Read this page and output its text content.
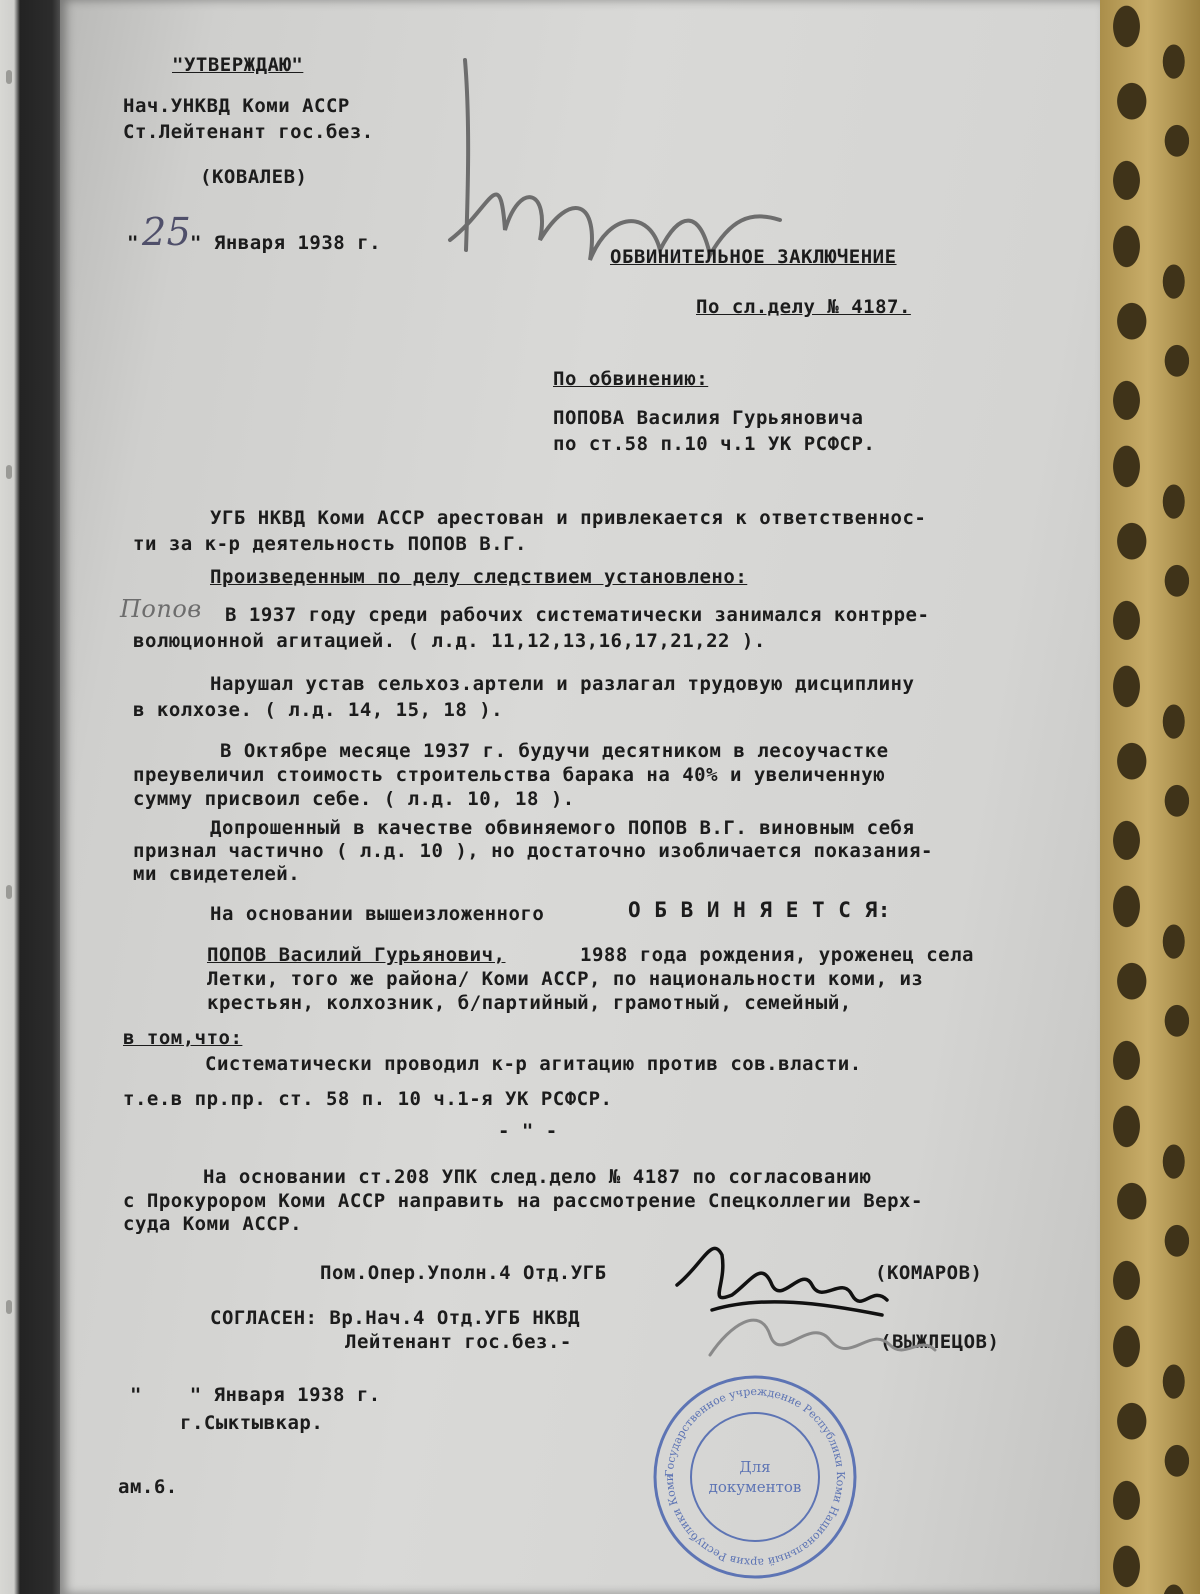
"УТВЕРЖДАЮ"
Нач.УНКВД Коми АССР
Ст.Лейтенант гос.без.
(КОВАЛЕВ)
" 25
" Января 1938 г.
ОБВИНИТЕЛЬНОЕ ЗАКЛЮЧЕНИЕ
По сл.делу № 4187.
По обвинению:
ПОПОВА Василия Гурьяновича
по ст.58 п.10 ч.1 УК РСФСР.
УГБ НКВД Коми АССР арестован и привлекается к ответственнос-
ти за к-р деятельность ПОПОВ В.Г.
Произведенным по делу следствием установлено:
Попов В 1937 году среди рабочих систематически занимался контрре-
волюционной агитацией. ( л.д. 11,12,13,16,17,21,22 ).
Нарушал устав сельхоз.артели и разлагал трудовую дисциплину
в колхозе. ( л.д. 14, 15, 18 ).
В Октябре месяце 1937 г. будучи десятником в лесоучастке
преувеличил стоимость строительства барака на 40% и увеличенную
сумму присвоил себе. ( л.д. 10, 18 ).
Допрошенный в качестве обвиняемого ПОПОВ В.Г. виновным себя
признал частично ( л.д. 10 ), но достаточно изобличается показания-
ми свидетелей.
На основании вышеизложенного	О Б В И Н Я Е Т С Я:
ПОПОВ Василий Гурьянович,	1988 года рождения, уроженец села
Летки, того же района/ Коми АССР, по национальности коми, из
крестьян, колхозник, б/партийный, грамотный, семейный,
в том,что:
Систематически проводил к-р агитацию против сов.власти.
т.е.в пр.пр. ст. 58 п. 10 ч.1-я УК РСФСР.
- " -
На основании ст.208 УПК след.дело № 4187 по согласованию
с Прокурором Коми АССР направить на рассмотрение Спецколлегии Верх-
суда Коми АССР.
Пом.Опер.Уполн.4 Отд.УГБ	(КОМАРОВ)
СОГЛАСЕН: Вр.Нач.4 Отд.УГБ НКВД
Лейтенант гос.без.-	(ВЫЖЛЕЦОВ)
"    " Января 1938 г.
г.Сыктывкар.
ам.6.
Государственное учреждение Республики Коми Национальный архив Республики Коми
Для
документов
